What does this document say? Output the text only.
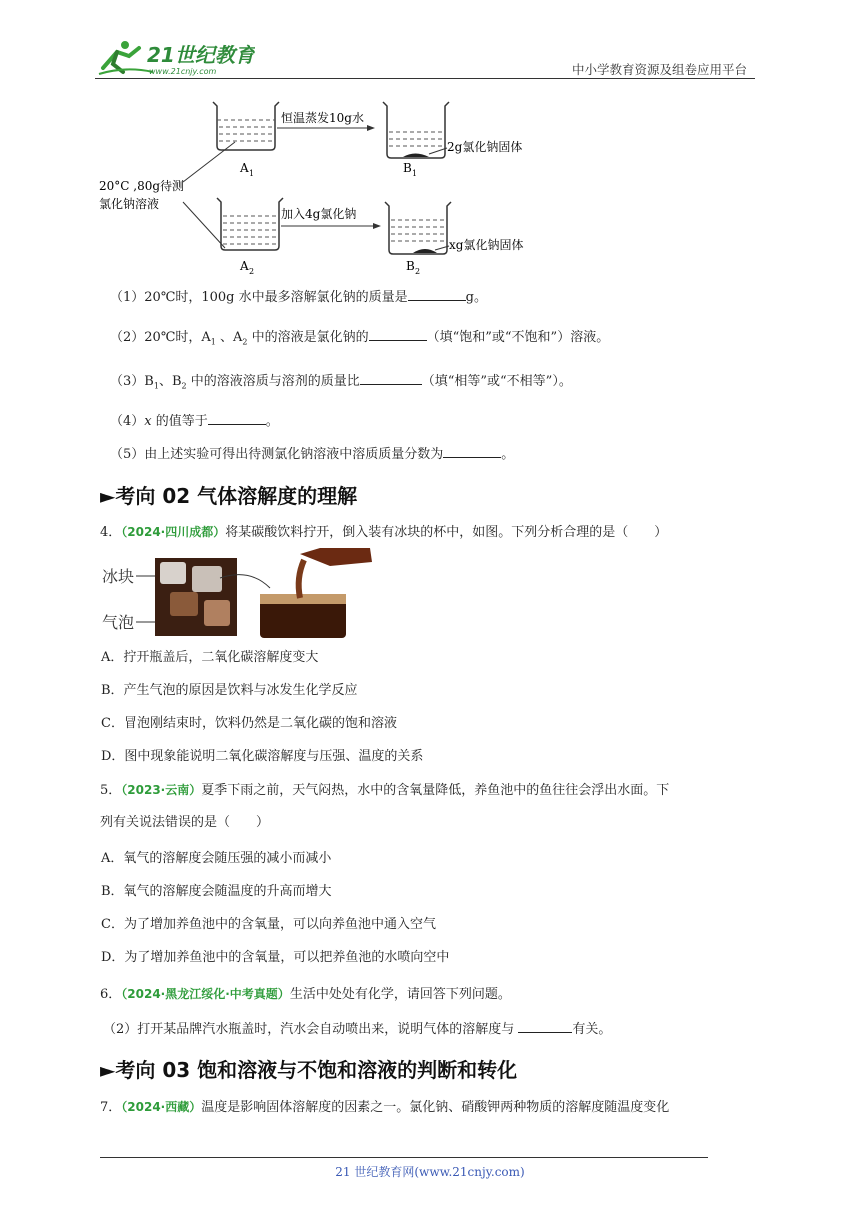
21世纪教育
www.21cnjy.com	中小学教育资源及组卷应用平台
A 1
恒温蒸发10g水
2g氯化钠固体
B 1
20°C ,80g待测
氯化钠溶液
A 2
加入4g氯化钠
xg氯化钠固体
B 2
（1）20℃时，100g 水中最多溶解氯化钠的质量是	g。
（2）20℃时，$A_1$ 、$A_2$ 中的溶液是氯化钠的	（填“饱和”或“不饱和”）溶液。
$(3)B_1$、$B_2$ 中的溶液溶质与溶剂的质量比	（填“相等”或“不相等”）。
（4）x 的值等于	。
（5）由上述实验可得出待测氯化钠溶液中溶质质量分数为	。
►考向 02 气体溶解度的理解
4．（2024·四川成都）将某碳酸饮料拧开，倒入装有冰块的杯中，如图。下列分析合理的是（　　）
冰块
气泡
A．拧开瓶盖后，二氧化碳溶解度变大
B．产生气泡的原因是饮料与冰发生化学反应
C．冒泡刚结束时，饮料仍然是二氧化碳的饱和溶液
D．图中现象能说明二氧化碳溶解度与压强、温度的关系
5．（2023·云南）夏季下雨之前，天气闷热，水中的含氧量降低，养鱼池中的鱼往往会浮出水面。下
列有关说法错误的是（　　）
A．氧气的溶解度会随压强的减小而减小
B．氧气的溶解度会随温度的升高而增大
C．为了增加养鱼池中的含氧量，可以向养鱼池中通入空气
D．为了增加养鱼池中的含氧量，可以把养鱼池的水喷向空中
6．（2024·黑龙江绥化·中考真题）生活中处处有化学，请回答下列问题。
（2）打开某品牌汽水瓶盖时，汽水会自动喷出来，说明气体的溶解度与	有关。
►考向 03 饱和溶液与不饱和溶液的判断和转化
7．（2024·西藏）温度是影响固体溶解度的因素之一。氯化钠、硝酸钾两种物质的溶解度随温度变化
21 世纪教育网(www.21cnjy.com)
